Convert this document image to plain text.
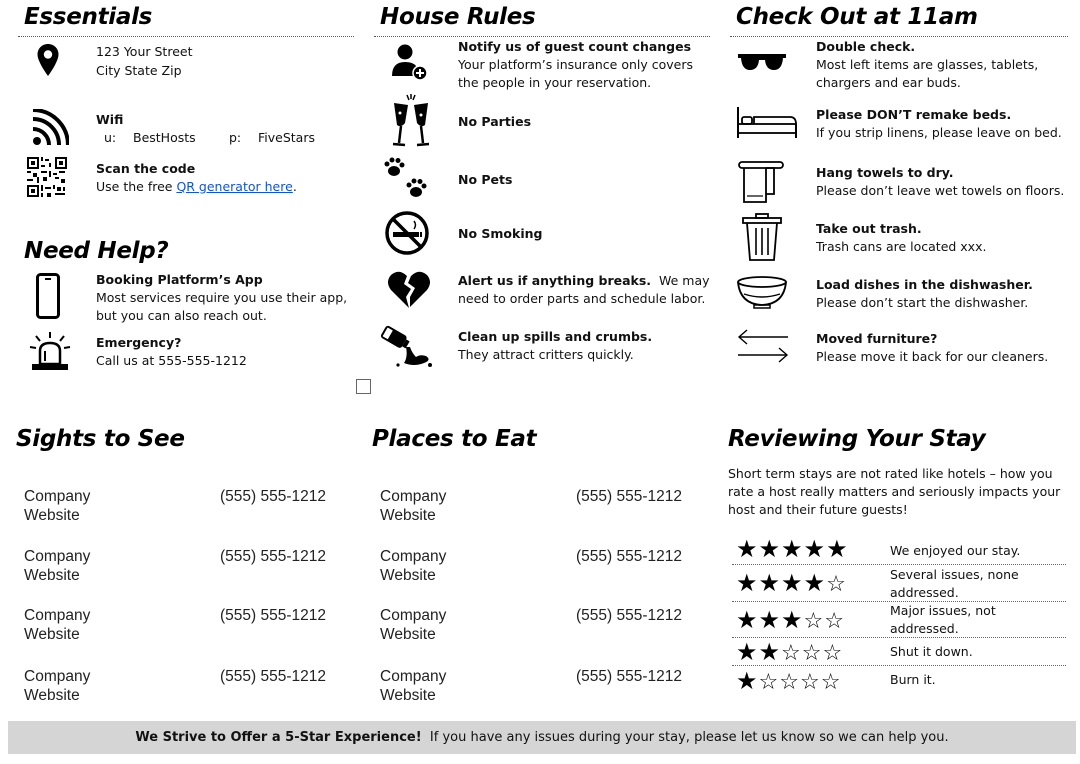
Essentials
123 Your Street
City State Zip
Wifi
u: BestHosts	p: FiveStars
Scan the code
Use the free QR generator here.
Need Help?
Booking Platform’s App
Most services require you use their app,
but you can also reach out.
Emergency?
Call us at 555-555-1212
House Rules
Notify us of guest count changes
Your platform’s insurance only covers
the people in your reservation.
No Parties
No Pets
No Smoking
Alert us if anything breaks.  We may
need to order parts and schedule labor.
Clean up spills and crumbs.
They attract critters quickly.
Check Out at 11am
Double check.
Most left items are glasses, tablets,
chargers and ear buds.
Please DON’T remake beds.
If you strip linens, please leave on bed.
Hang towels to dry.
Please don’t leave wet towels on floors.
Take out trash.
Trash cans are located xxx.
Load dishes in the dishwasher.
Please don’t start the dishwasher.
Moved furniture?
Please move it back for our cleaners.
Sights to See
Company
Website
(555) 555-1212
Company
Website
(555) 555-1212
Company
Website
(555) 555-1212
Company
Website
(555) 555-1212
Places to Eat
Company
Website
(555) 555-1212
Company
Website
(555) 555-1212
Company
Website
(555) 555-1212
Company
Website
(555) 555-1212
Reviewing Your Stay
Short term stays are not rated like hotels – how you
rate a host really matters and seriously impacts your
host and their future guests!
★★★★★	We enjoyed our stay.
★★★★☆	Several issues, none
addressed.
★★★☆☆	Major issues, not
addressed.
★★☆☆☆	Shut it down.
★☆☆☆☆	Burn it.
We Strive to Offer a 5-Star Experience! If you have any issues during your stay, please let us know so we can help you.
